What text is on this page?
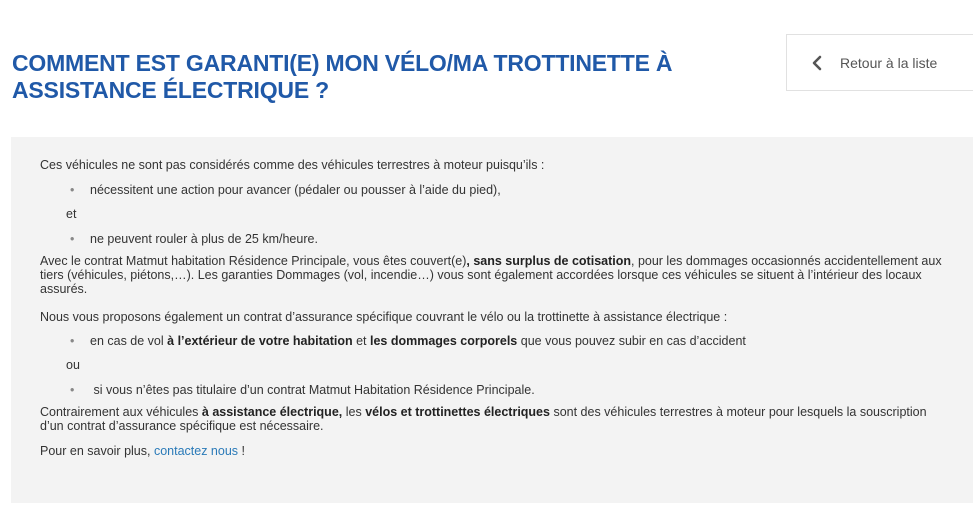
COMMENT EST GARANTI(E) MON VÉLO/MA TROTTINETTE À ASSISTANCE ÉLECTRIQUE ?
Retour à la liste

Ces véhicules ne sont pas considérés comme des véhicules terrestres à moteur puisqu’ils :

• nécessitent une action pour avancer (pédaler ou pousser à l’aide du pied),
et
• ne peuvent rouler à plus de 25 km/heure.

Avec le contrat Matmut habitation Résidence Principale, vous êtes couvert(e), sans surplus de cotisation, pour les dommages occasionnés accidentellement aux tiers (véhicules, piétons,…). Les garanties Dommages (vol, incendie…) vous sont également accordées lorsque ces véhicules se situent à l’intérieur des locaux assurés.

Nous vous proposons également un contrat d’assurance spécifique couvrant le vélo ou la trottinette à assistance électrique :

• en cas de vol à l’extérieur de votre habitation et les dommages corporels que vous pouvez subir en cas d’accident
ou
• si vous n’êtes pas titulaire d’un contrat Matmut Habitation Résidence Principale.

Contrairement aux véhicules à assistance électrique, les vélos et trottinettes électriques sont des véhicules terrestres à moteur pour lesquels la souscription d’un contrat d’assurance spécifique est nécessaire.

Pour en savoir plus, contactez nous !
